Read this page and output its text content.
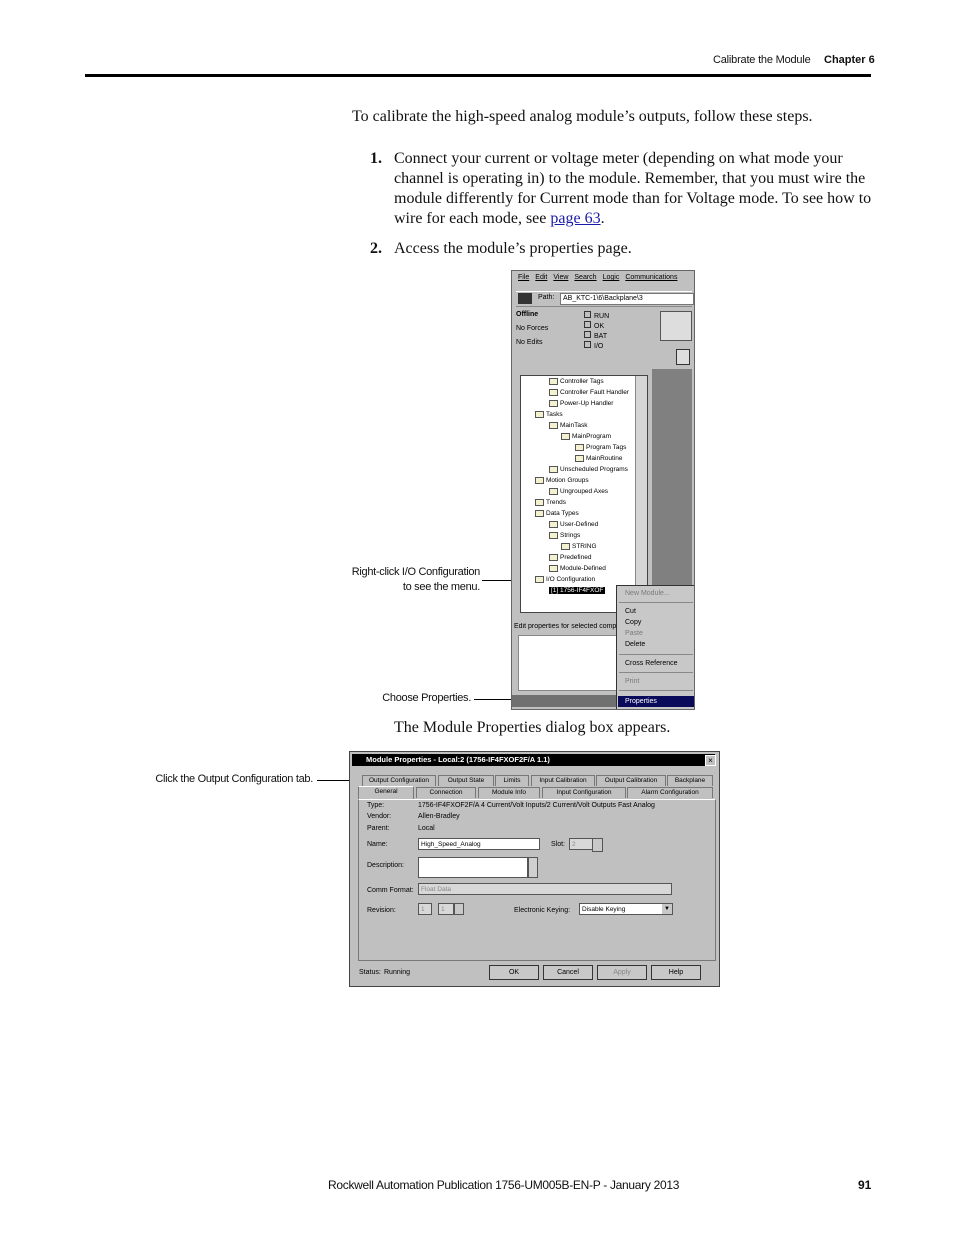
Calibrate the Module Chapter 6
To calibrate the high-speed analog module’s outputs, follow these steps.
1. Connect your current or voltage meter (depending on what mode your channel is operating in) to the module. Remember, that you must wire the module differently for Current mode than for Voltage mode. To see how to wire for each mode, see page 63.
2. Access the module’s properties page.
Right-click I/O Configuration
to see the menu.
Choose Properties.
File Edit View Search Logic Communications
Path:	AB_KTC-1\6\Backplane\3
Offline
No Forces
No Edits
RUN
OK
BAT
I/O
Controller Tags
Controller Fault Handler
Power-Up Handler
Tasks
MainTask
MainProgram
Program Tags
MainRoutine
Unscheduled Programs
Motion Groups
Ungrouped Axes
Trends
Data Types
User-Defined
Strings
STRING
Predefined
Module-Defined
I/O Configuration
[1] 1756-IF4FXOF
Edit properties for selected comp
New Module...
Cut
Copy
Paste
Delete
Cross Reference
Print
Properties
The Module Properties dialog box appears.
Click the Output Configuration tab.
Module Properties - Local:2 (1756-IF4FXOF2F/A 1.1)	×
Output Configuration	Output State	Limits	Input Calibration	Output Calibration	Backplane
General	Connection	Module Info	Input Configuration	Alarm Configuration
Type:	1756-IF4FXOF2F/A 4 Current/Volt Inputs/2 Current/Volt Outputs Fast Analog
Vendor:	Allen-Bradley
Parent:	Local
Name:	High_Speed_Analog	Slot:	2
Description:
Comm Format:	Float Data
Revision:	1	1	Electronic Keying:	Disable Keying	▼
Status: Running	OK	Cancel	Apply	Help
Rockwell Automation Publication 1756-UM005B-EN-P - January 2013	91
